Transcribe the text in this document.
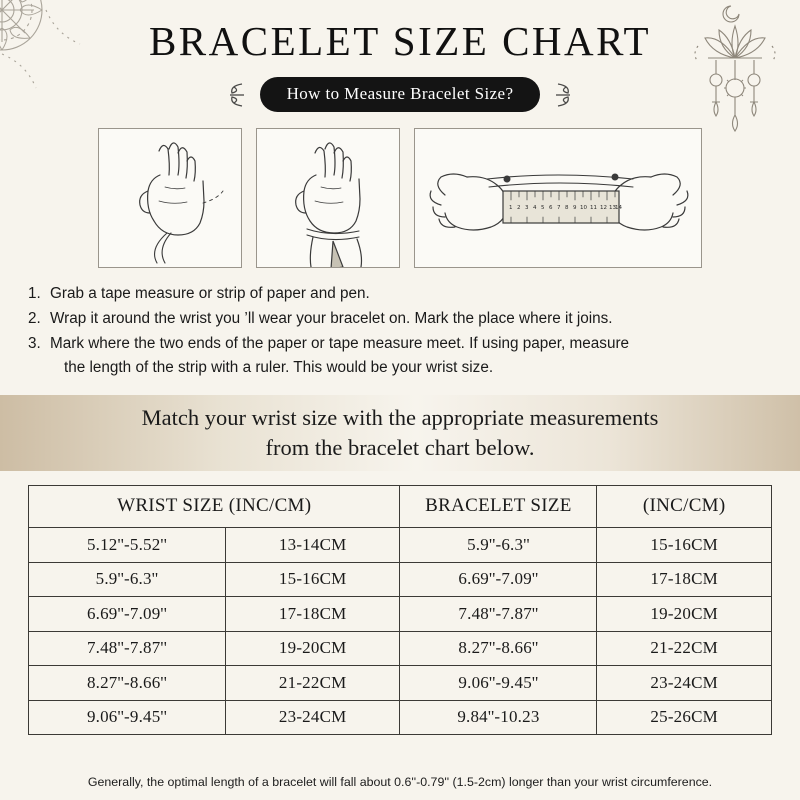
BRACELET SIZE CHART
How to Measure Bracelet Size?
1 2 3 4 5 6 7 8 9 10 11 12 13 14
1. Grab a tape measure or strip of paper and pen.
2. Wrap it around the wrist you ’ll wear your bracelet on. Mark the place where it joins.
3. Mark where the two ends of the paper or tape measure meet. If using paper, measure
the length of the strip with a ruler. This would be your wrist size.
Match your wrist size with the appropriate measurements
from the bracelet chart below.
WRIST SIZE (INC/CM)		BRACELET SIZE	(INC/CM)
5.12''-5.52''	13-14CM	5.9''-6.3''	15-16CM
5.9''-6.3''	15-16CM	6.69''-7.09''	17-18CM
6.69''-7.09''	17-18CM	7.48''-7.87''	19-20CM
7.48''-7.87''	19-20CM	8.27''-8.66''	21-22CM
8.27''-8.66''	21-22CM	9.06''-9.45''	23-24CM
9.06''-9.45''	23-24CM	9.84''-10.23	25-26CM
Generally, the optimal length of a bracelet will fall about 0.6''-0.79'' (1.5-2cm) longer than your wrist circumference.
